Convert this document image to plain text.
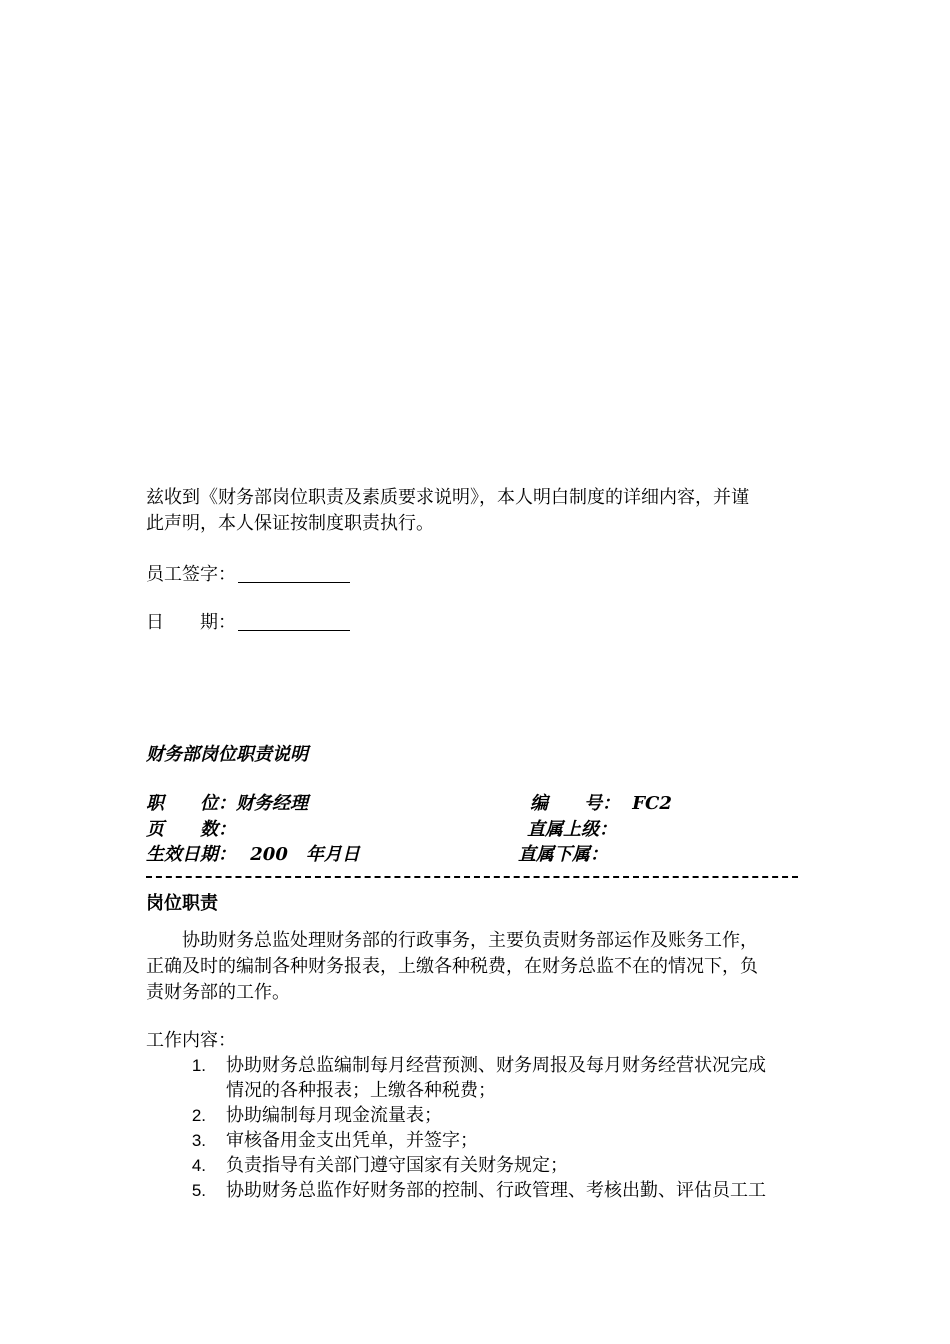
兹收到《财务部岗位职责及素质要求说明》，本人明白制度的详细内容，并谨
此声明，本人保证按制度职责执行。
员工签字：
日　　期：
财务部岗位职责说明
职　　位：财务经理	编　　号： FC2
页　　数：	直属上级：
生效日期： 200　年月日	直属下属：
岗位职责
协助财务总监处理财务部的行政事务，主要负责财务部运作及账务工作，
正确及时的编制各种财务报表，上缴各种税费，在财务总监不在的情况下，负
责财务部的工作。
工作内容：
1. 协助财务总监编制每月经营预测、财务周报及每月财务经营状况完成
情况的各种报表；上缴各种税费；
2. 协助编制每月现金流量表；
3. 审核备用金支出凭单，并签字；
4. 负责指导有关部门遵守国家有关财务规定；
5. 协助财务总监作好财务部的控制、行政管理、考核出勤、评估员工工
